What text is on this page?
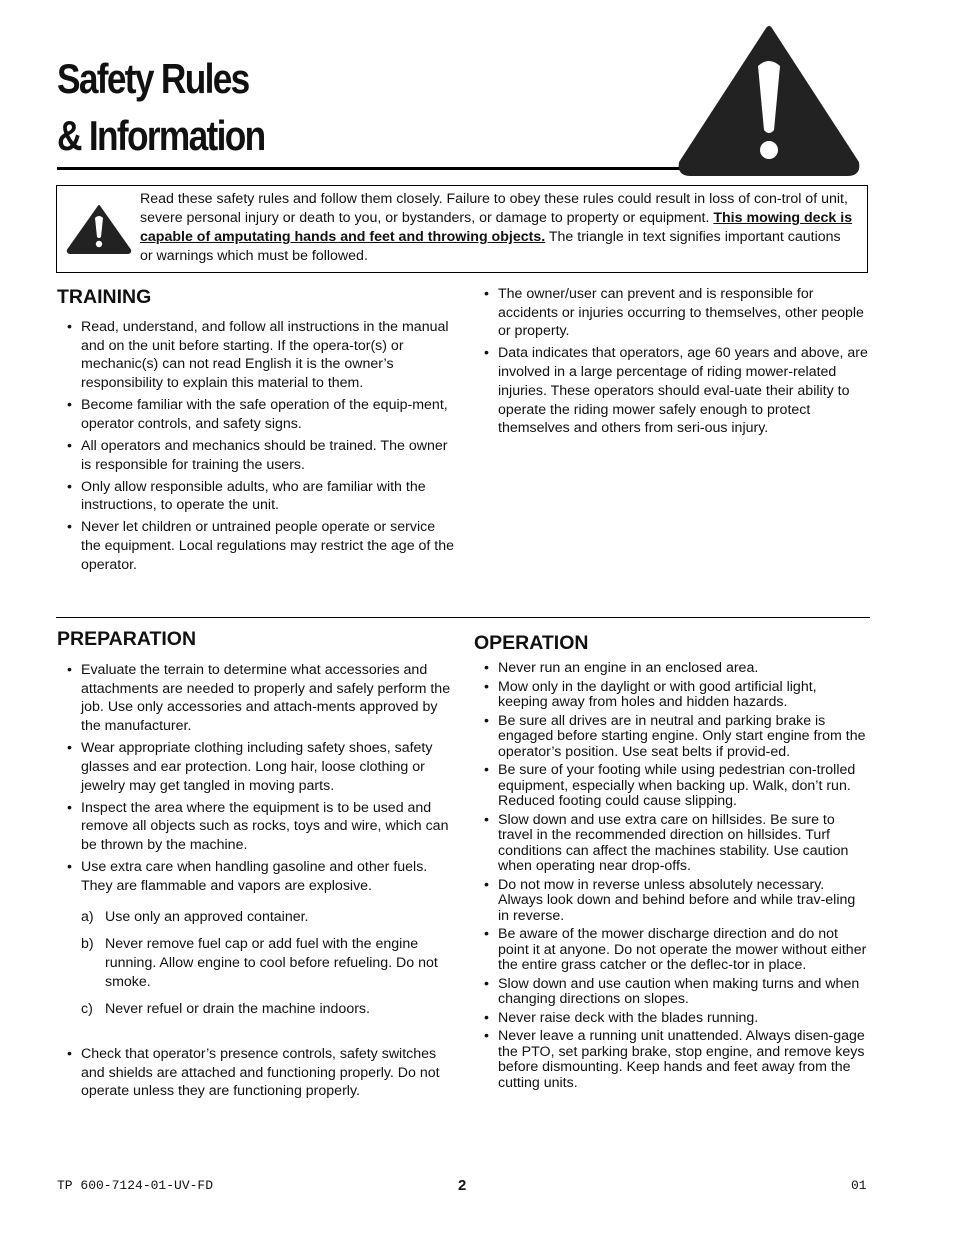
Safety Rules
& Information

Read these safety rules and follow them closely. Failure to obey these rules could result in loss of con-trol of unit, severe personal injury or death to you, or bystanders, or damage to property or equipment. This mowing deck is capable of amputating hands and feet and throwing objects. The triangle in text signifies important cautions or warnings which must be followed.

TRAINING
• Read, understand, and follow all instructions in the manual and on the unit before starting. If the opera-tor(s) or mechanic(s) can not read English it is the owner’s responsibility to explain this material to them.
• Become familiar with the safe operation of the equip-ment, operator controls, and safety signs.
• All operators and mechanics should be trained. The owner is responsible for training the users.
• Only allow responsible adults, who are familiar with the instructions, to operate the unit.
• Never let children or untrained people operate or service the equipment. Local regulations may restrict the age of the operator.
• The owner/user can prevent and is responsible for accidents or injuries occurring to themselves, other people or property.
• Data indicates that operators, age 60 years and above, are involved in a large percentage of riding mower-related injuries. These operators should eval-uate their ability to operate the riding mower safely enough to protect themselves and others from seri-ous injury.
PREPARATION
• Evaluate the terrain to determine what accessories and attachments are needed to properly and safely perform the job. Use only accessories and attach-ments approved by the manufacturer.
• Wear appropriate clothing including safety shoes, safety glasses and ear protection. Long hair, loose clothing or jewelry may get tangled in moving parts.
• Inspect the area where the equipment is to be used and remove all objects such as rocks, toys and wire, which can be thrown by the machine.
• Use extra care when handling gasoline and other fuels. They are flammable and vapors are explosive.
a) Use only an approved container.
b) Never remove fuel cap or add fuel with the engine running. Allow engine to cool before refueling. Do not smoke.
c) Never refuel or drain the machine indoors.
• Check that operator’s presence controls, safety switches and shields are attached and functioning properly. Do not operate unless they are functioning properly.
OPERATION
• Never run an engine in an enclosed area.
• Mow only in the daylight or with good artificial light, keeping away from holes and hidden hazards.
• Be sure all drives are in neutral and parking brake is engaged before starting engine. Only start engine from the operator’s position. Use seat belts if provid-ed.
• Be sure of your footing while using pedestrian con-trolled equipment, especially when backing up. Walk, don’t run. Reduced footing could cause slipping.
• Slow down and use extra care on hillsides. Be sure to travel in the recommended direction on hillsides. Turf conditions can affect the machines stability. Use caution when operating near drop-offs.
• Do not mow in reverse unless absolutely necessary. Always look down and behind before and while trav-eling in reverse.
• Be aware of the mower discharge direction and do not point it at anyone. Do not operate the mower without either the entire grass catcher or the deflec-tor in place.
• Slow down and use caution when making turns and when changing directions on slopes.
• Never raise deck with the blades running.
• Never leave a running unit unattended. Always disen-gage the PTO, set parking brake, stop engine, and remove keys before dismounting. Keep hands and feet away from the cutting units.
TP 600-7124-01-UV-FD	2	01
